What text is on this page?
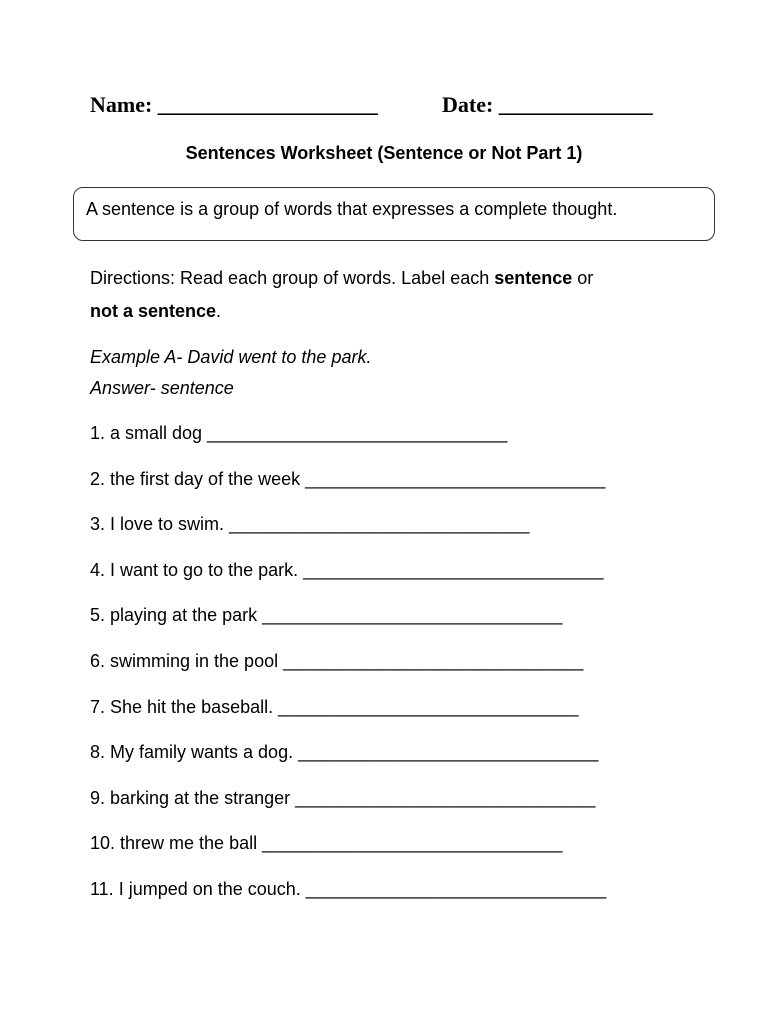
Name: ____________________	Date: ______________
Sentences Worksheet (Sentence or Not Part 1)
A sentence is a group of words that expresses a complete thought.
Directions: Read each group of words. Label each sentence or
not a sentence.
Example A- David went to the park.
Answer- sentence
1. a small dog ______________________________
2. the first day of the week ______________________________
3. I love to swim. ______________________________
4. I want to go to the park. ______________________________
5. playing at the park ______________________________
6. swimming in the pool ______________________________
7. She hit the baseball. ______________________________
8. My family wants a dog. ______________________________
9. barking at the stranger ______________________________
10. threw me the ball ______________________________
11. I jumped on the couch. ______________________________
